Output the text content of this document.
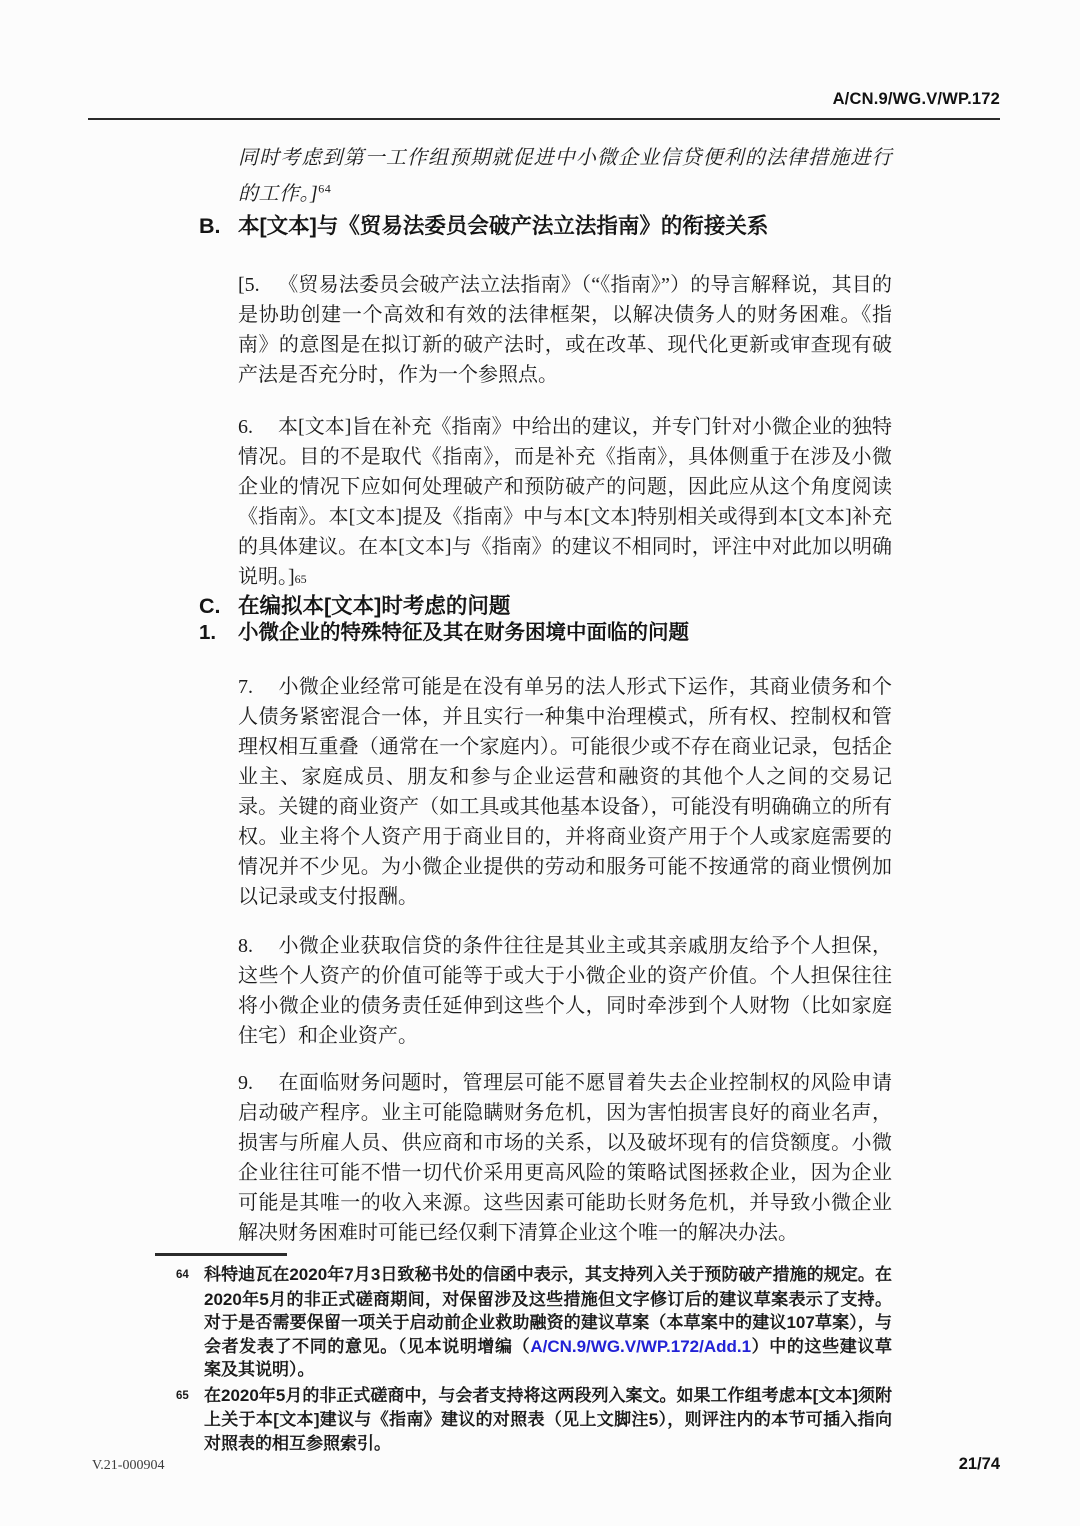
A/CN.9/WG.V/WP.172

同时考虑到第一工作组预期就促进中小微企业信贷便利的法律措施进行的工作。]$^{64}$

B. 本[文本]与《贸易法委员会破产法立法指南》的衔接关系

[5. 《贸易法委员会破产法立法指南》（“《指南》”）的导言解释说，其目的是协助创建一个高效和有效的法律框架，以解决债务人的财务困难。《指南》的意图是在拟订新的破产法时，或在改革、现代化更新或审查现有破产法是否充分时，作为一个参照点。

6. 本[文本]旨在补充《指南》中给出的建议，并专门针对小微企业的独特情况。目的不是取代《指南》，而是补充《指南》，具体侧重于在涉及小微企业的情况下应如何处理破产和预防破产的问题，因此应从这个角度阅读《指南》。本[文本]提及《指南》中与本[文本]特别相关或得到本[文本]补充的具体建议。在本[文本]与《指南》的建议不相同时，评注中对此加以明确说明。]65

C. 在编拟本[文本]时考虑的问题
1. 小微企业的特殊特征及其在财务困境中面临的问题

7. 小微企业经常可能是在没有单另的法人形式下运作，其商业债务和个人债务紧密混合一体，并且实行一种集中治理模式，所有权、控制权和管理权相互重叠（通常在一个家庭内）。可能很少或不存在商业记录，包括企业主、家庭成员、朋友和参与企业运营和融资的其他个人之间的交易记录。关键的商业资产（如工具或其他基本设备），可能没有明确确立的所有权。业主将个人资产用于商业目的，并将商业资产用于个人或家庭需要的情况并不少见。为小微企业提供的劳动和服务可能不按通常的商业惯例加以记录或支付报酬。

8. 小微企业获取信贷的条件往往是其业主或其亲戚朋友给予个人担保，这些个人资产的价值可能等于或大于小微企业的资产价值。个人担保往往将小微企业的债务责任延伸到这些个人，同时牵涉到个人财物（比如家庭住宅）和企业资产。

9. 在面临财务问题时，管理层可能不愿冒着失去企业控制权的风险申请启动破产程序。业主可能隐瞒财务危机，因为害怕损害良好的商业名声，损害与所雇人员、供应商和市场的关系，以及破坏现有的信贷额度。小微企业往往可能不惜一切代价采用更高风险的策略试图拯救企业，因为企业可能是其唯一的收入来源。这些因素可能助长财务危机，并导致小微企业解决财务困难时可能已经仅剩下清算企业这个唯一的解决办法。

64 科特迪瓦在2020年7月3日致秘书处的信函中表示，其支持列入关于预防破产措施的规定。在2020年5月的非正式磋商期间，对保留涉及这些措施但文字修订后的建议草案表示了支持。对于是否需要保留一项关于启动前企业救助融资的建议草案（本草案中的建议107草案），与会者发表了不同的意见。（见本说明增编（A/CN.9/WG.V/WP.172/Add.1）中的这些建议草案及其说明）。
65 在2020年5月的非正式磋商中，与会者支持将这两段列入案文。如果工作组考虑本[文本]须附上关于本[文本]建议与《指南》建议的对照表（见上文脚注5），则评注内的本节可插入指向对照表的相互参照索引。
V.21-000904	21/74
